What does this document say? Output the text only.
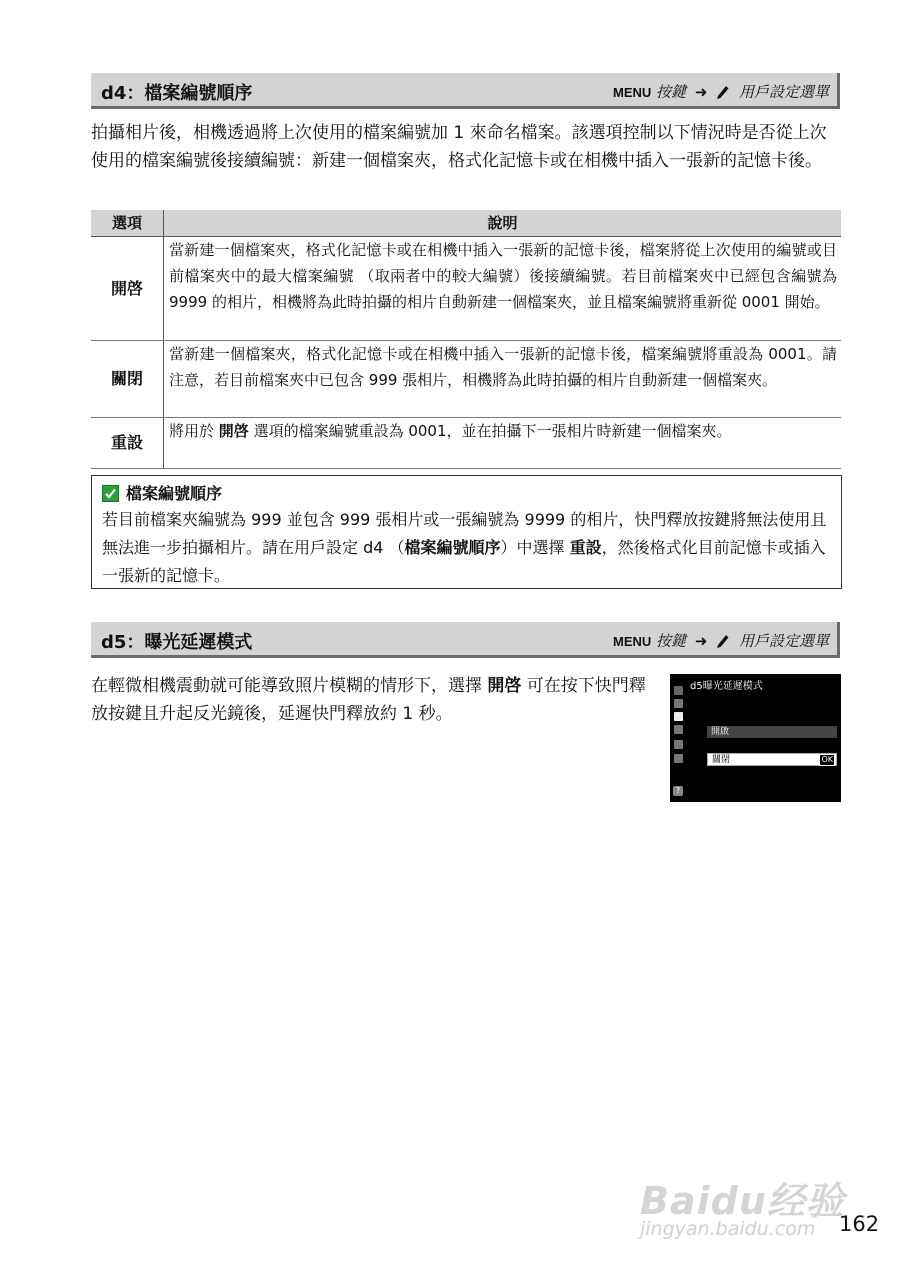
d4：檔案編號順序	MENU 按鍵 ➜ 用戶設定選單
拍攝相片後，相機透過將上次使用的檔案編號加 1 來命名檔案。該選項控制以下情況時是否從上次使用的檔案編號後接續編號：新建一個檔案夾，格式化記憶卡或在相機中插入一張新的記憶卡後。
選項	說明
開啓	當新建一個檔案夾，格式化記憶卡或在相機中插入一張新的記憶卡後，檔案將從上次使用的編號或目前檔案夾中的最大檔案編號 （取兩者中的較大編號）後接續編號。若目前檔案夾中已經包含編號為 9999 的相片，相機將為此時拍攝的相片自動新建一個檔案夾，並且檔案編號將重新從 0001 開始。
關閉	當新建一個檔案夾，格式化記憶卡或在相機中插入一張新的記憶卡後，檔案編號將重設為 0001。請注意，若目前檔案夾中已包含 999 張相片，相機將為此時拍攝的相片自動新建一個檔案夾。
重設	將用於 開啓 選項的檔案編號重設為 0001，並在拍攝下一張相片時新建一個檔案夾。
檔案編號順序
若目前檔案夾編號為 999 並包含 999 張相片或一張編號為 9999 的相片，快門釋放按鍵將無法使用且無法進一步拍攝相片。請在用戶設定 d4 （檔案編號順序）中選擇 重設，然後格式化目前記憶卡或插入一張新的記憶卡。
d5：曝光延遲模式	MENU 按鍵 ➜ 用戶設定選單
在輕微相機震動就可能導致照片模糊的情形下，選擇 開啓 可在按下快門釋放按鍵且升起反光鏡後，延遲快門釋放約 1 秒。
d5曝光延遲模式
開啟
關閉	OK
?
Baidu经验
jingyan.baidu.com 162
